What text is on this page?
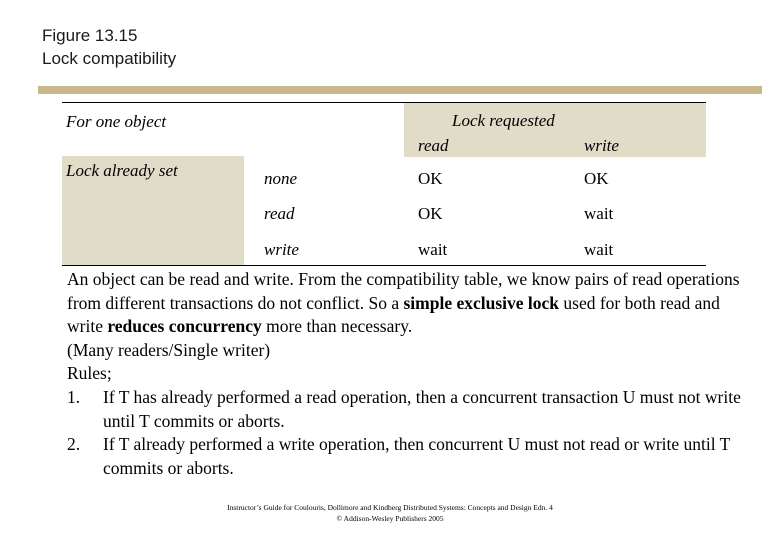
Figure 13.15
Lock compatibility
For one object	Lock requested
read	write
Lock already set	none	OK	OK
read	OK	wait
write	wait	wait

An object can be read and write. From the compatibility table, we know pairs of read operations from different transactions do not conflict. So a simple exclusive lock used for both read and write reduces concurrency more than necessary.

(Many readers/Single writer)

Rules;

1.	If T has already performed a read operation, then a concurrent transaction U must not write until T commits or aborts.
2.	If T already performed a write operation, then concurrent U must not read or write until T commits or aborts.
Instructor’s Guide for Coulouris, Dollimore and Kindberg Distributed Systems: Concepts and Design Edn. 4
© Addison-Wesley Publishers 2005
